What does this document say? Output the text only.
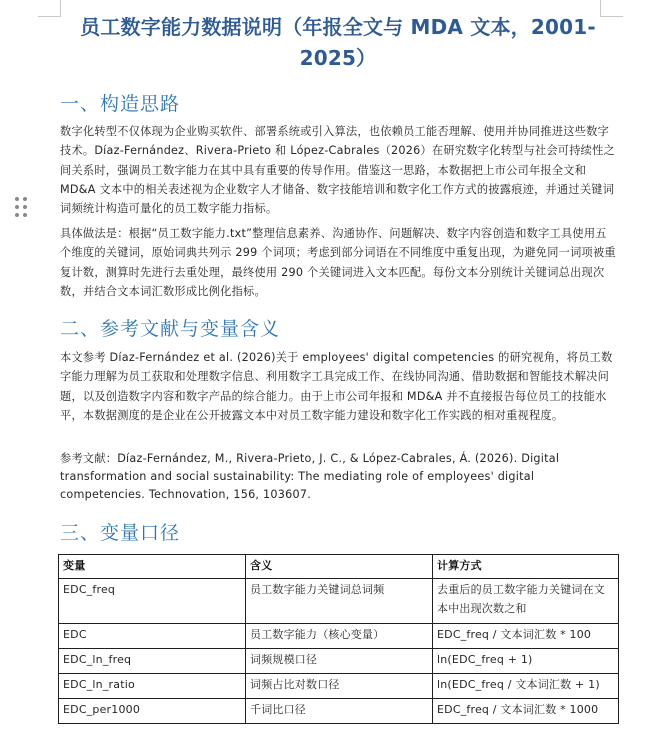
员工数字能力数据说明（年报全文与 MDA 文本，2001-2025）
一、构造思路

数字化转型不仅体现为企业购买软件、部署系统或引入算法，也依赖员工能否理解、使用并协同推进这些数字技术。Díaz-Fernández、Rivera-Prieto 和 López-Cabrales（2026）在研究数字化转型与社会可持续性之间关系时，强调员工数字能力在其中具有重要的传导作用。借鉴这一思路，本数据把上市公司年报全文和 MD&A 文本中的相关表述视为企业数字人才储备、数字技能培训和数字化工作方式的披露痕迹，并通过关键词词频统计构造可量化的员工数字能力指标。

具体做法是：根据“员工数字能力.txt”整理信息素养、沟通协作、问题解决、数字内容创造和数字工具使用五个维度的关键词，原始词典共列示 299 个词项；考虑到部分词语在不同维度中重复出现，为避免同一词项被重复计数，测算时先进行去重处理，最终使用 290 个关键词进入文本匹配。每份文本分别统计关键词总出现次数，并结合文本词汇数形成比例化指标。

二、参考文献与变量含义

本文参考 Díaz-Fernández et al. (2026)关于 employees' digital competencies 的研究视角，将员工数字能力理解为员工获取和处理数字信息、利用数字工具完成工作、在线协同沟通、借助数据和智能技术解决问题，以及创造数字内容和数字产品的综合能力。由于上市公司年报和 MD&A 并不直接报告每位员工的技能水平，本数据测度的是企业在公开披露文本中对员工数字能力建设和数字化工作实践的相对重视程度。

参考文献：Díaz-Fernández, M., Rivera-Prieto, J. C., & López-Cabrales, Á. (2026). Digital transformation and social sustainability: The mediating role of employees' digital competencies. Technovation, 156, 103607.

三、变量口径
变量	含义	计算方式
EDC_freq	员工数字能力关键词总词频	去重后的员工数字能力关键词在文本中出现次数之和
EDC	员工数字能力（核心变量）	EDC_freq / 文本词汇数 * 100
EDC_ln_freq	词频规模口径	ln(EDC_freq + 1)
EDC_ln_ratio	词频占比对数口径	ln(EDC_freq / 文本词汇数 + 1)
EDC_per1000	千词比口径	EDC_freq / 文本词汇数 * 1000
